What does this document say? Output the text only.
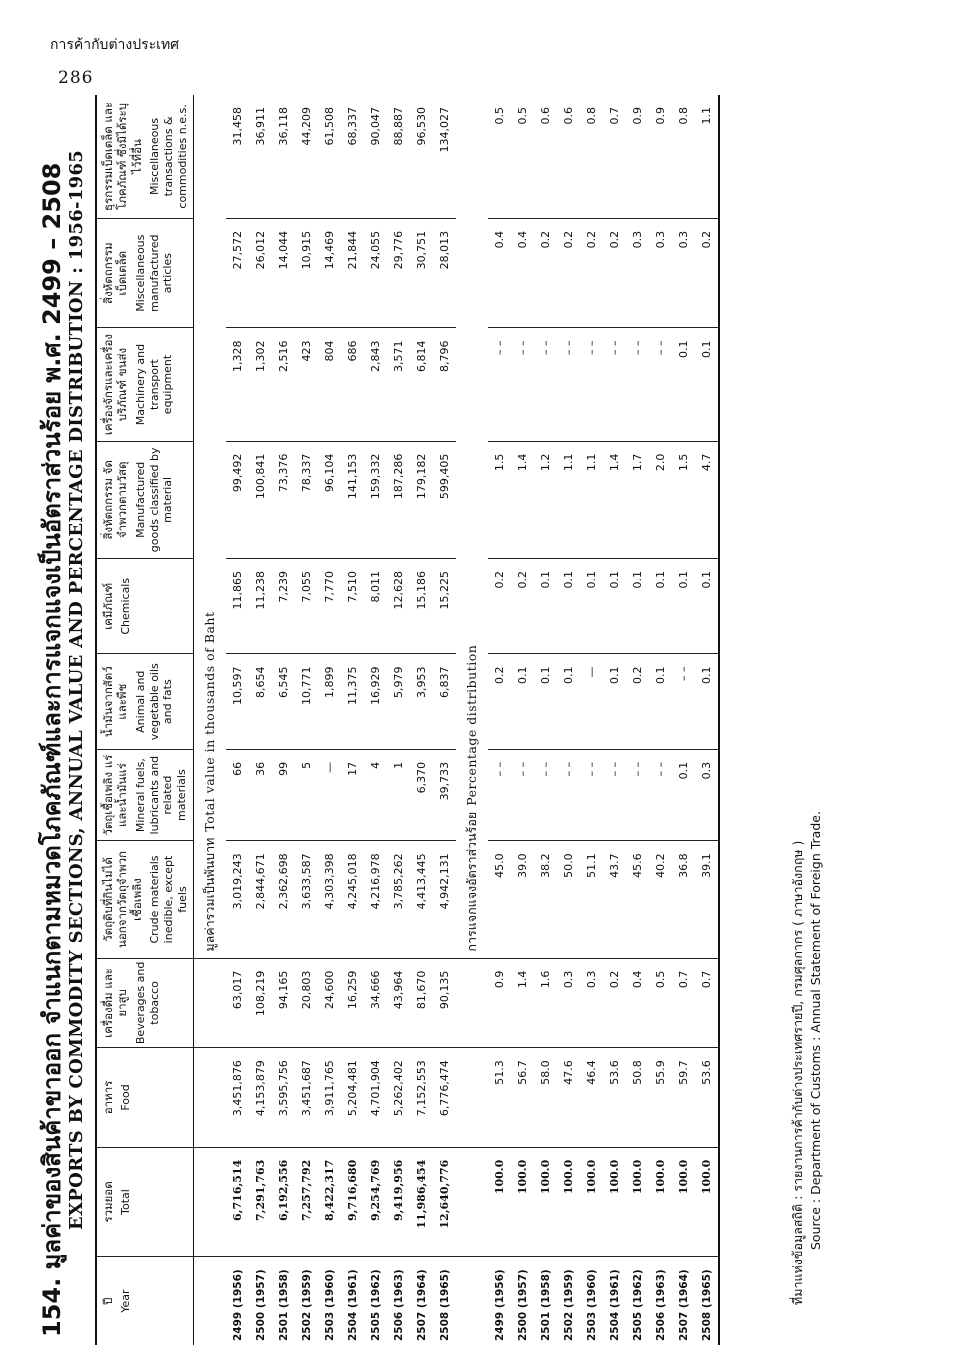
การค้ากับต่างประเทศ
286
154. มูลค่าของสินค้าขาออก จำแนกตามหมวดโภคภัณฑ์และการแจกแจงเป็นอัตราส่วนร้อย พ.ศ. 2499 – 2508 EXPORTS BY COMMODITY SECTIONS, ANNUAL VALUE AND PERCENTAGE DISTRIBUTION : 1956-1965
ปี Year	รวมยอด Total	อาหาร Food	เครื่องดื่ม และยาสูบ Beverages and tobacco	วัตถุดิบที่กินไม่ได้ นอกจากวัตถุจำพวกเชื้อเพลิง Crude materials inedible, except fuels	วัตถุเชื้อเพลิง แร่ และน้ำมันแร่ Mineral fuels, lubricants and related materials	น้ำมันจากสัตว์ และพืช Animal and vegetable oils and fats	เคมีภัณฑ์ Chemicals	สิ่งหัตถกรรม จัดจำพวกตามวัสดุ Manufactured goods classified by material	เครื่องจักรและเครื่องบริภัณฑ์ ขนส่ง Machinery and transport equipment	สิ่งหัตถกรรม เบ็ดเตล็ด Miscellaneous manufactured articles	ธุรกรรมเบ็ดเตล็ด และโภคภัณฑ์ ซึ่งมิได้ระบุไว้ที่อื่น Miscellaneous transactions & commodities n.e.s.

				มูลค่ารวมเป็นพันบาทTotal value in thousands of Baht							
2499 (1956)	6,716,514	3,451,876	63,017	3,019,243	66	10,597	11,865	99,492	1,328	27,572	31,458
2500 (1957)	7,291,763	4,153,879	108,219	2,844,671	36	8,654	11,238	100,841	1,302	26,012	36,911
2501 (1958)	6,192,556	3,595,756	94,165	2,362,698	99	6,545	7,239	73,376	2,516	14,044	36,118
2502 (1959)	7,257,792	3,451,687	20,803	3,633,587	5	10,771	7,055	78,337	423	10,915	44,209
2503 (1960)	8,422,317	3,911,765	24,600	4,303,398	—	1,899	7,770	96,104	804	14,469	61,508
2504 (1961)	9,716,680	5,204,481	16,259	4,245,018	17	11,375	7,510	141,153	686	21,844	68,337
2505 (1962)	9,254,769	4,701,904	34,666	4,216,978	4	16,929	8,011	159,332	2,843	24,055	90,047
2506 (1963)	9,419,956	5,262,402	43,964	3,785,262	1	5,979	12,628	187,286	3,571	29,776	88,887
2507 (1964)	11,986,454	7,152,553	81,670	4,413,445	6,370	3,953	15,186	179,182	6,814	30,751	96,530
2508 (1965)	12,640,776	6,776,474	90,135	4,942,131	39,733	6,837	15,225	599,405	8,796	28,013	134,027
				การแจกแจงอัตราส่วนร้อยPercentage distribution							
2499 (1956)	100.0	51.3	0.9	45.0	– –	0.2	0.2	1.5	– –	0.4	0.5
2500 (1957)	100.0	56.7	1.4	39.0	– –	0.1	0.2	1.4	– –	0.4	0.5
2501 (1958)	100.0	58.0	1.6	38.2	– –	0.1	0.1	1.2	– –	0.2	0.6
2502 (1959)	100.0	47.6	0.3	50.0	– –	0.1	0.1	1.1	– –	0.2	0.6
2503 (1960)	100.0	46.4	0.3	51.1	– –	—	0.1	1.1	– –	0.2	0.8
2504 (1961)	100.0	53.6	0.2	43.7	– –	0.1	0.1	1.4	– –	0.2	0.7
2505 (1962)	100.0	50.8	0.4	45.6	– –	0.2	0.1	1.7	– –	0.3	0.9
2506 (1963)	100.0	55.9	0.5	40.2	– –	0.1	0.1	2.0	– –	0.3	0.9
2507 (1964)	100.0	59.7	0.7	36.8	0.1	– –	0.1	1.5	0.1	0.3	0.8
2508 (1965)	100.0	53.6	0.7	39.1	0.3	0.1	0.1	4.7	0.1	0.2	1.1
ที่มาแห่งข้อมูลสถิติ : รายงานการค้ากับต่างประเทศรายปี, กรมศุลกากร ( ภาษาอังกฤษ ) Source : Department of Customs : Annual Statement of Foreign Trade.
